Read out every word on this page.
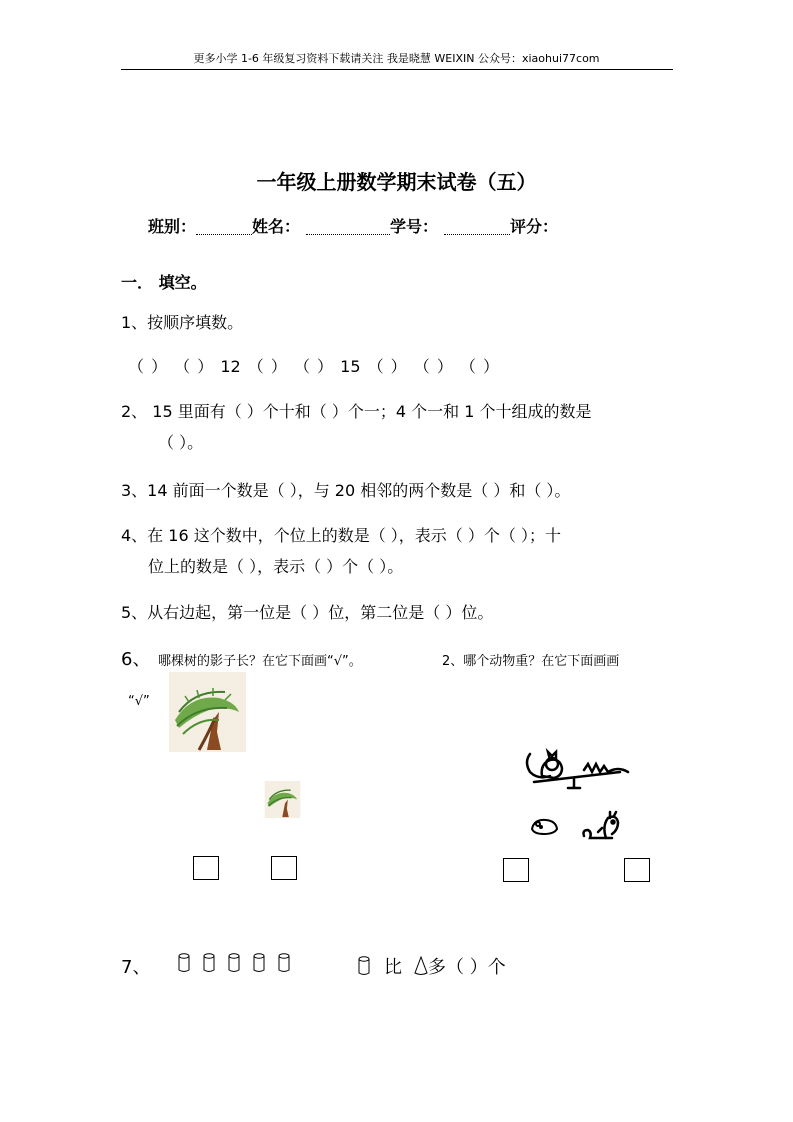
更多小学 1-6 年级复习资料下载请关注 我是晓慧 WEIXIN 公众号：xiaohui77com
一年级上册数学期末试卷（五）
班别：	姓名：	学号：	评分：
一． 填空。
1、按顺序填数。
（ ） （ ） 12 （ ） （ ） 15 （ ） （ ） （ ）
2、 15 里面有（ ）个十和（ ）个一；4 个一和 1 个十组成的数是
（ ）。
3、14 前面一个数是（ ），与 20 相邻的两个数是（ ）和（ ）。
4、在 16 这个数中，个位上的数是（ ），表示（ ）个（ ）；十
位上的数是（ ），表示（ ）个（ ）。
5、从右边起，第一位是（ ）位，第二位是（ ）位。
6、 哪棵树的影子长？在它下面画“√”。	2、哪个动物重？在它下面画画
“√”
7、	比 多（ ）个
